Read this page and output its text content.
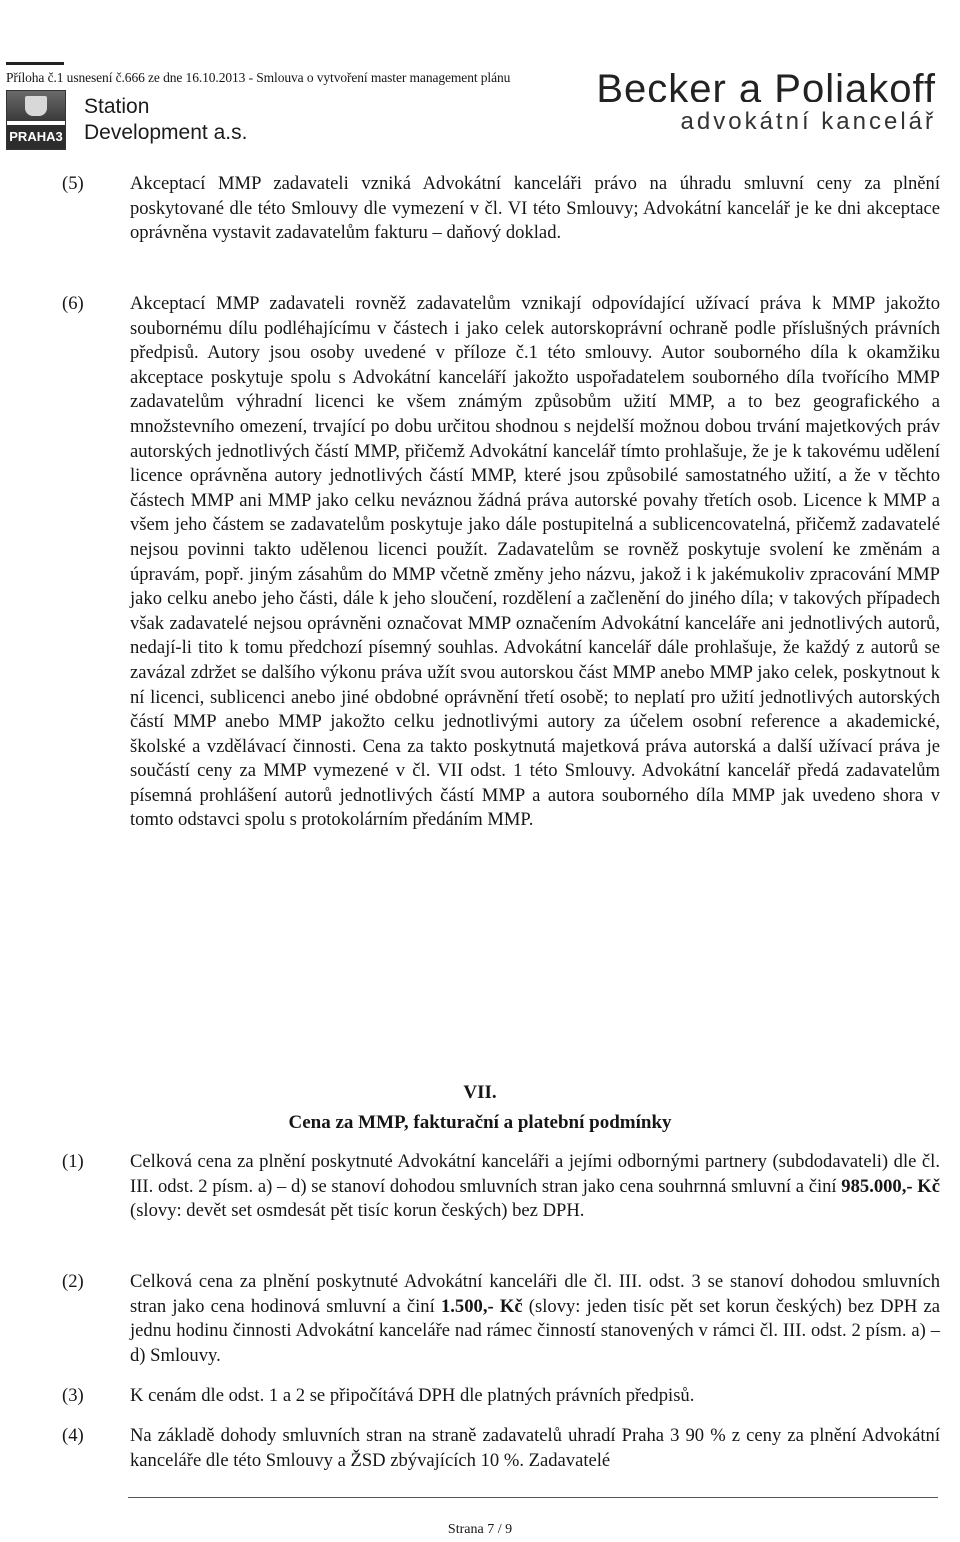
Příloha č.1 usnesení č.666 ze dne 16.10.2013 - Smlouva o vytvoření master management plánu
PRAHA3
Station
Development a.s.
Becker a Poliakoff
advokátní kancelář
(5) Akceptací MMP zadavateli vzniká Advokátní kanceláři právo na úhradu smluvní ceny za plnění poskytované dle této Smlouvy dle vymezení v čl. VI této Smlouvy; Advokátní kancelář je ke dni akceptace oprávněna vystavit zadavatelům fakturu – daňový doklad.
(6) Akceptací MMP zadavateli rovněž zadavatelům vznikají odpovídající užívací práva k MMP jakožto soubornému dílu podléhajícímu v částech i jako celek autorskoprávní ochraně podle příslušných právních předpisů. Autory jsou osoby uvedené v příloze č.1 této smlouvy. Autor souborného díla k okamžiku akceptace poskytuje spolu s Advokátní kanceláří jakožto uspořadatelem souborného díla tvořícího MMP zadavatelům výhradní licenci ke všem známým způsobům užití MMP, a to bez geografického a množstevního omezení, trvající po dobu určitou shodnou s nejdelší možnou dobou trvání majetkových práv autorských jednotlivých částí MMP, přičemž Advokátní kancelář tímto prohlašuje, že je k takovému udělení licence oprávněna autory jednotlivých částí MMP, které jsou způsobilé samostatného užití, a že v těchto částech MMP ani MMP jako celku neváznou žádná práva autorské povahy třetích osob. Licence k MMP a všem jeho částem se zadavatelům poskytuje jako dále postupitelná a sublicencovatelná, přičemž zadavatelé nejsou povinni takto udělenou licenci použít. Zadavatelům se rovněž poskytuje svolení ke změnám a úpravám, popř. jiným zásahům do MMP včetně změny jeho názvu, jakož i k jakémukoliv zpracování MMP jako celku anebo jeho části, dále k jeho sloučení, rozdělení a začlenění do jiného díla; v takových případech však zadavatelé nejsou oprávněni označovat MMP označením Advokátní kanceláře ani jednotlivých autorů, nedají-li tito k tomu předchozí písemný souhlas. Advokátní kancelář dále prohlašuje, že každý z autorů se zavázal zdržet se dalšího výkonu práva užít svou autorskou část MMP anebo MMP jako celek, poskytnout k ní licenci, sublicenci anebo jiné obdobné oprávnění třetí osobě; to neplatí pro užití jednotlivých autorských částí MMP anebo MMP jakožto celku jednotlivými autory za účelem osobní reference a akademické, školské a vzdělávací činnosti. Cena za takto poskytnutá majetková práva autorská a další užívací práva je součástí ceny za MMP vymezené v čl. VII odst. 1 této Smlouvy. Advokátní kancelář předá zadavatelům písemná prohlášení autorů jednotlivých částí MMP a autora souborného díla MMP jak uvedeno shora v tomto odstavci spolu s protokolárním předáním MMP.
VII.
Cena za MMP, fakturační a platební podmínky
(1) Celková cena za plnění poskytnuté Advokátní kanceláři a jejími odbornými partnery (subdodavateli) dle čl. III. odst. 2 písm. a) – d) se stanoví dohodou smluvních stran jako cena souhrnná smluvní a činí 985.000,- Kč (slovy: devět set osmdesát pět tisíc korun českých) bez DPH.
(2) Celková cena za plnění poskytnuté Advokátní kanceláři dle čl. III. odst. 3 se stanoví dohodou smluvních stran jako cena hodinová smluvní a činí 1.500,- Kč (slovy: jeden tisíc pět set korun českých) bez DPH za jednu hodinu činnosti Advokátní kanceláře nad rámec činností stanovených v rámci čl. III. odst. 2 písm. a) – d) Smlouvy.
(3) K cenám dle odst. 1 a 2 se připočítává DPH dle platných právních předpisů.
(4) Na základě dohody smluvních stran na straně zadavatelů uhradí Praha 3 90 % z ceny za plnění Advokátní kanceláře dle této Smlouvy a ŽSD zbývajících 10 %. Zadavatelé
Strana 7 / 9
